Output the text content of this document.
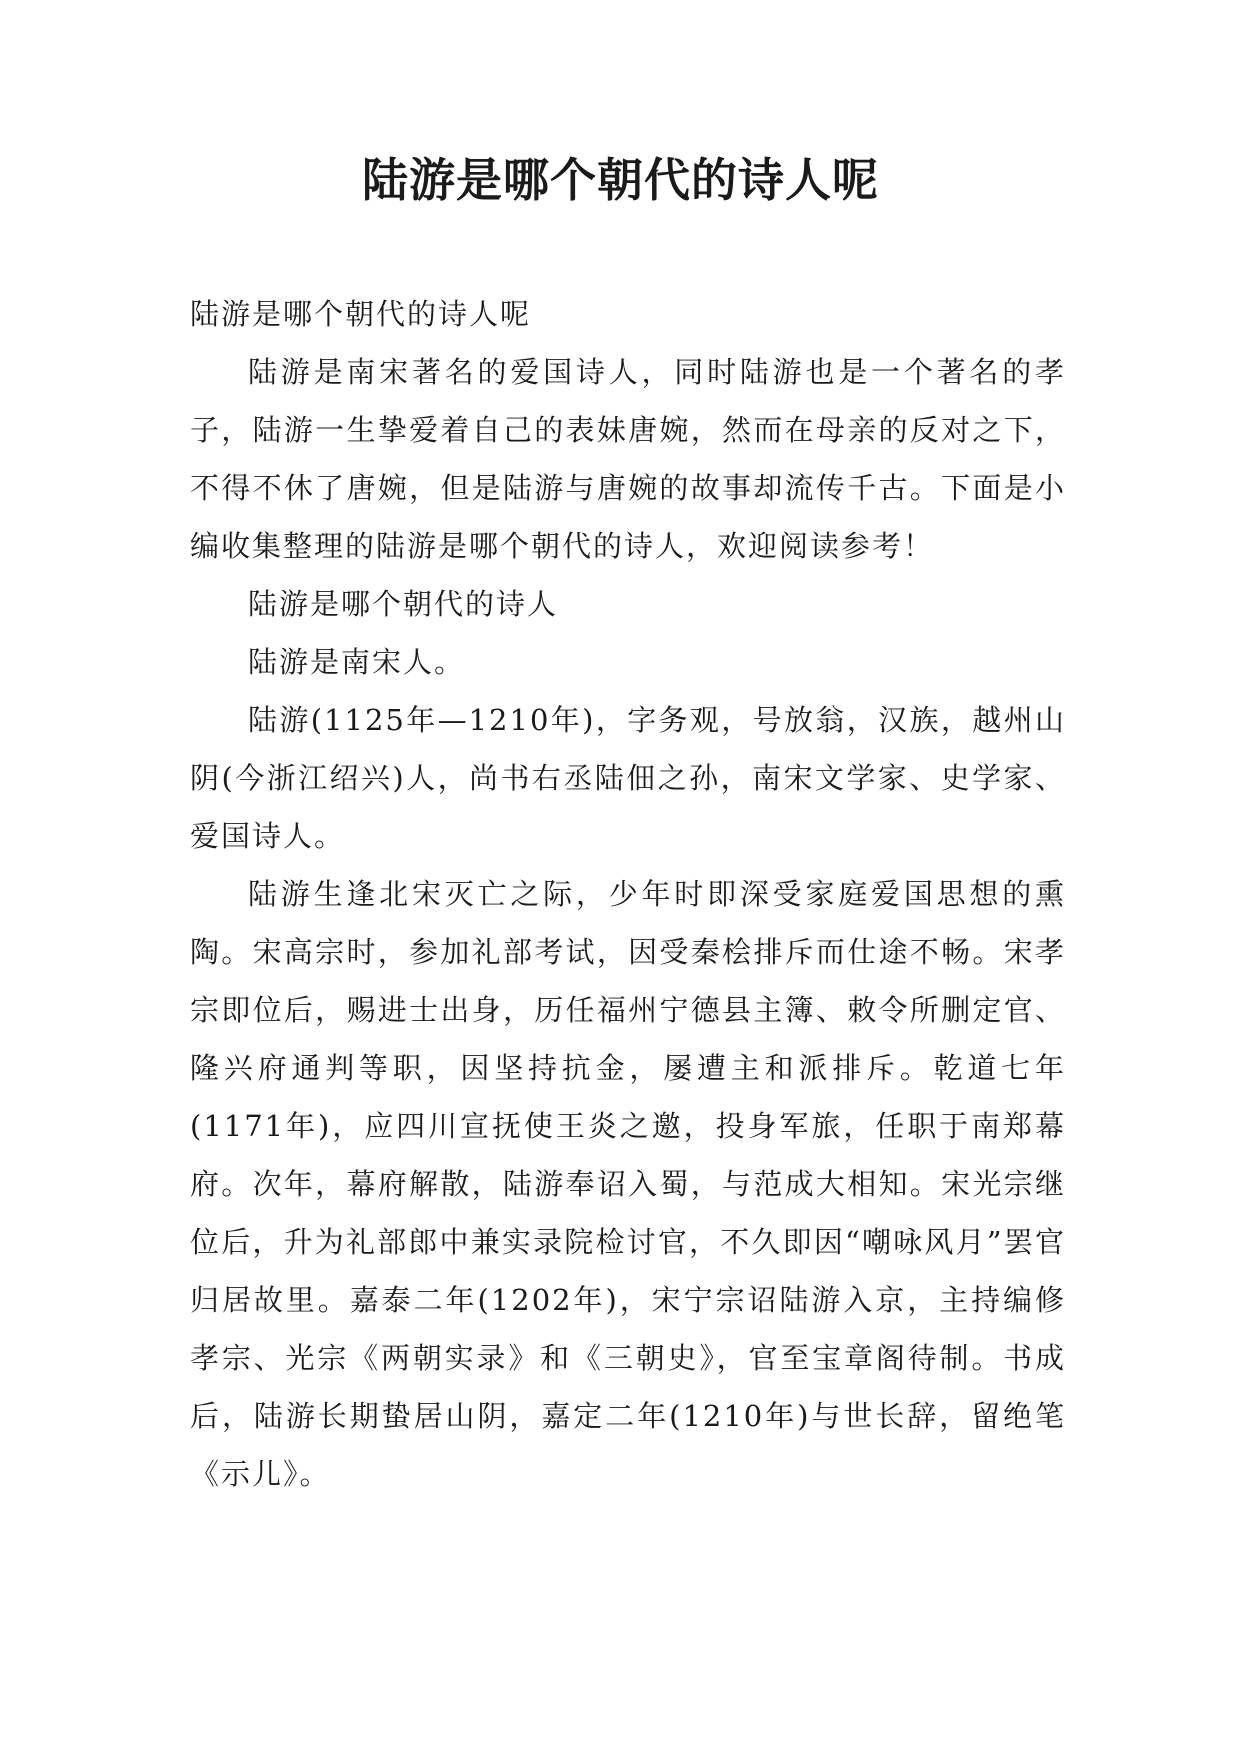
陆游是哪个朝代的诗人呢

陆游是哪个朝代的诗人呢

陆游是南宋著名的爱国诗人，同时陆游也是一个著名的孝子，陆游一生挚爱着自己的表妹唐婉，然而在母亲的反对之下，不得不休了唐婉，但是陆游与唐婉的故事却流传千古。下面是小编收集整理的陆游是哪个朝代的诗人，欢迎阅读参考！

陆游是哪个朝代的诗人

陆游是南宋人。

陆游(1125年—1210年)，字务观，号放翁，汉族，越州山阴(今浙江绍兴)人，尚书右丞陆佃之孙，南宋文学家、史学家、爱国诗人。

陆游生逢北宋灭亡之际，少年时即深受家庭爱国思想的熏陶。宋高宗时，参加礼部考试，因受秦桧排斥而仕途不畅。宋孝宗即位后，赐进士出身，历任福州宁德县主簿、敕令所删定官、隆兴府通判等职，因坚持抗金，屡遭主和派排斥。乾道七年(1171年)，应四川宣抚使王炎之邀，投身军旅，任职于南郑幕府。次年，幕府解散，陆游奉诏入蜀，与范成大相知。宋光宗继位后，升为礼部郎中兼实录院检讨官，不久即因“嘲咏风月”罢官归居故里。嘉泰二年(1202年)，宋宁宗诏陆游入京，主持编修孝宗、光宗《两朝实录》和《三朝史》，官至宝章阁待制。书成后，陆游长期蛰居山阴，嘉定二年(1210年)与世长辞，留绝笔《示儿》。
